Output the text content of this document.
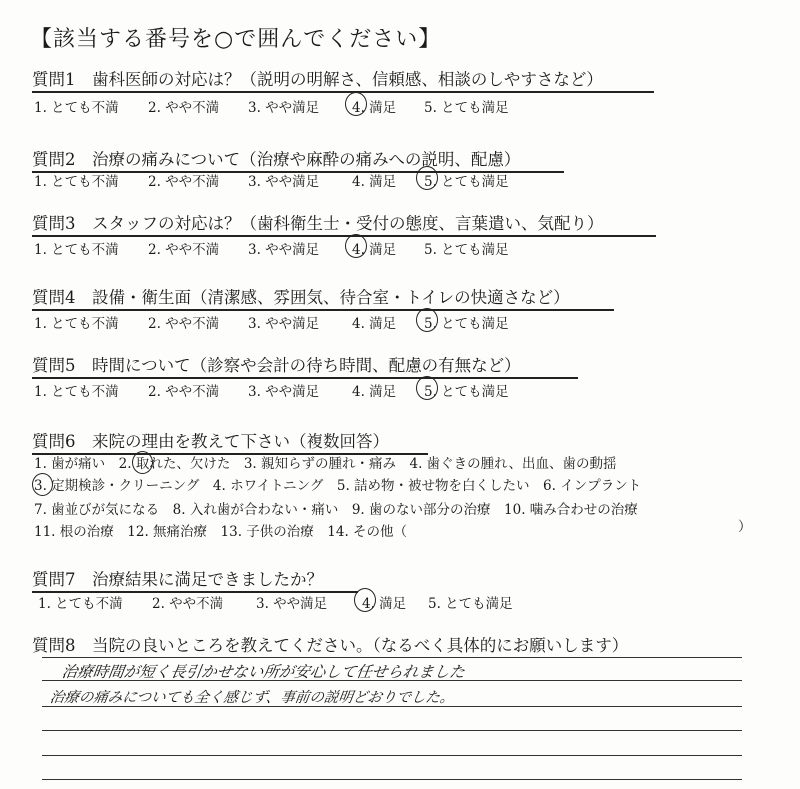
【該当する番号を○で囲んでください】
質問1　歯科医師の対応は？（説明の明解さ、信頼感、相談のしやすさなど）
1. とても不満 2. やや不満 3. やや満足 4. 満足 5. とても満足
質問2　治療の痛みについて（治療や麻酔の痛みへの説明、配慮）
1. とても不満 2. やや不満 3. やや満足 4. 満足 5. とても満足
質問3　スタッフの対応は？（歯科衛生士・受付の態度、言葉遣い、気配り）
1. とても不満 2. やや不満 3. やや満足 4. 満足 5. とても満足
質問4　設備・衛生面（清潔感、雰囲気、待合室・トイレの快適さなど）
1. とても不満 2. やや不満 3. やや満足 4. 満足 5. とても満足
質問5　時間について（診察や会計の待ち時間、配慮の有無など）
1. とても不満 2. やや不満 3. やや満足 4. 満足 5. とても満足
質問6　来院の理由を教えて下さい（複数回答）
1. 歯が痛い　2. 取れた、欠けた　3. 親知らずの腫れ・痛み　4. 歯ぐきの腫れ、出血、歯の動揺
3. 定期検診・クリーニング　4. ホワイトニング　5. 詰め物・被せ物を白くしたい　6. インプラント
7. 歯並びが気になる　8. 入れ歯が合わない・痛い　9. 歯のない部分の治療　10. 噛み合わせの治療
11. 根の治療　12. 無痛治療　13. 子供の治療　14. その他（	）
質問7　治療結果に満足できましたか？
1. とても不満 2. やや不満 3. やや満足	4. 満足 5. とても満足
質問8　当院の良いところを教えてください。（なるべく具体的にお願いします）
治療時間が短く長引かせない所が安心して任せられました
治療の痛みについても全く感じず、事前の説明どおりでした。
